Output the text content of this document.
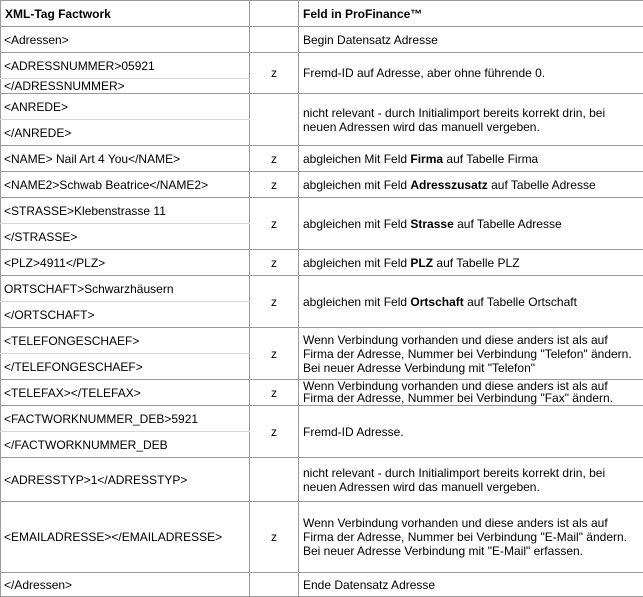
XML-Tag Factwork		Feld in ProFinance™
<Adressen>		Begin Datensatz Adresse
<ADRESSNUMMER>05921	z	Fremd-ID auf Adresse, aber ohne führende 0.
</ADRESSNUMMER>		
<ANREDE>		nicht relevant - durch Initialimport bereits korrekt drin, bei neuen Adressen wird das manuell vergeben.
</ANREDE>		
<NAME> Nail Art 4 You</NAME>	z	abgleichen Mit Feld Firma auf Tabelle Firma
<NAME2>Schwab Beatrice</NAME2>	z	abgleichen mit Feld Adresszusatz auf Tabelle Adresse
<STRASSE>Klebenstrasse 11	z	abgleichen mit Feld Strasse auf Tabelle Adresse
</STRASSE>		
<PLZ>4911</PLZ>	z	abgleichen mit Feld PLZ auf Tabelle PLZ
ORTSCHAFT>Schwarzhäusern	z	abgleichen mit Feld Ortschaft auf Tabelle Ortschaft
</ORTSCHAFT>		
<TELEFONGESCHAEF>	z	Wenn Verbindung vorhanden und diese anders ist als auf Firma der Adresse, Nummer bei Verbindung "Telefon" ändern. Bei neuer Adresse Verbindung mit "Telefon"
</TELEFONGESCHAEF>		
<TELEFAX></TELEFAX>	z	Wenn Verbindung vorhanden und diese anders ist als auf Firma der Adresse, Nummer bei Verbindung "Fax" ändern.
<FACTWORKNUMMER_DEB>5921	z	Fremd-ID Adresse.
</FACTWORKNUMMER_DEB		
<ADRESSTYP>1</ADRESSTYP>		nicht relevant - durch Initialimport bereits korrekt drin, bei neuen Adressen wird das manuell vergeben.
<EMAILADRESSE></EMAILADRESSE>	z	Wenn Verbindung vorhanden und diese anders ist als auf Firma der Adresse, Nummer bei Verbindung "E-Mail" ändern. Bei neuer Adresse Verbindung mit "E-Mail" erfassen.
</Adressen>		Ende Datensatz Adresse
